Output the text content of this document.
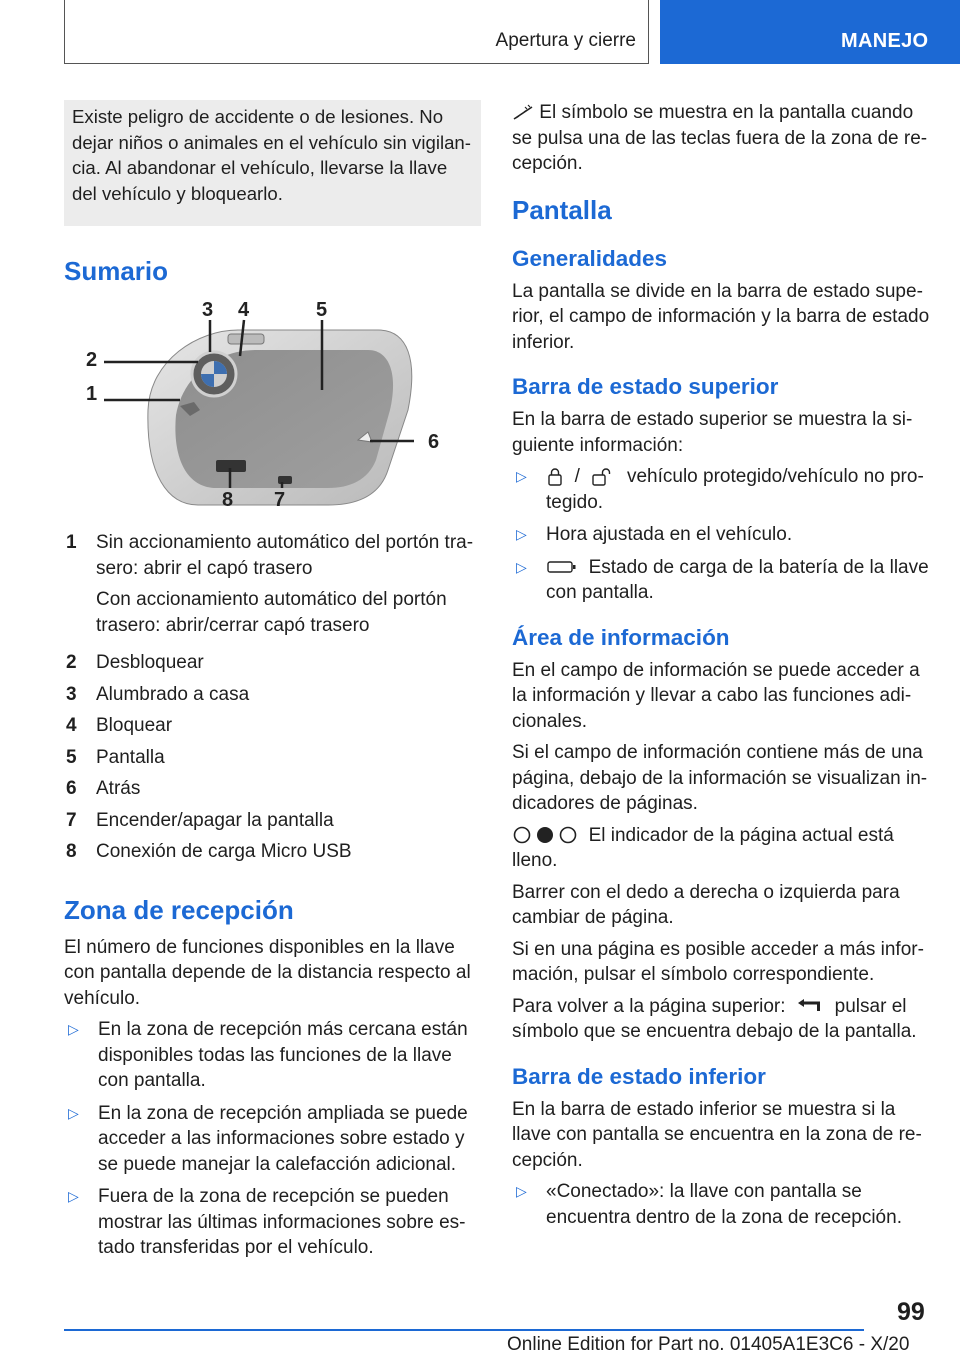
Apertura y cierre	MANEJO
Existe peligro de accidente o de lesiones. No dejar niños o animales en el vehículo sin vigilancia. Al abandonar el vehículo, llevarse la llave del vehículo y bloquearlo.
Sumario
1
2
3 4	5
6
7
8
1	Sin accionamiento automático del portón trasero: abrir el capó trasero

Con accionamiento automático del portón trasero: abrir/cerrar capó trasero

2	Desbloquear
3	Alumbrado a casa
4	Bloquear
5	Pantalla
6	Atrás
7	Encender/apagar la pantalla
8	Conexión de carga Micro USB
Zona de recepción

El número de funciones disponibles en la llave con pantalla depende de la distancia respecto al vehículo.

▷	En la zona de recepción más cercana están disponibles todas las funciones de la llave con pantalla.
▷	En la zona de recepción ampliada se puede acceder a las informaciones sobre estado y se puede manejar la calefacción adicional.
▷	Fuera de la zona de recepción se pueden mostrar las últimas informaciones sobre estado transferidas por el vehículo.

El símbolo se muestra en la pantalla cuando se pulsa una de las teclas fuera de la zona de recepción.

Pantalla
Generalidades

La pantalla se divide en la barra de estado superior, el campo de información y la barra de estado inferior.

Barra de estado superior

En la barra de estado superior se muestra la siguiente información:

▷	/ vehículo protegido/vehículo no protegido.
▷	Hora ajustada en el vehículo.
▷	Estado de carga de la batería de la llave con pantalla.
Área de información

En el campo de información se puede acceder a la información y llevar a cabo las funciones adicionales.

Si el campo de información contiene más de una página, debajo de la información se visualizan indicadores de páginas.

El indicador de la página actual está lleno.

Barrer con el dedo a derecha o izquierda para cambiar de página.

Si en una página es posible acceder a más información, pulsar el símbolo correspondiente.

Para volver a la página superior:	pulsar el símbolo que se encuentra debajo de la pantalla.

Barra de estado inferior

En la barra de estado inferior se muestra si la llave con pantalla se encuentra en la zona de recepción.

▷	«Conectado»: la llave con pantalla se encuentra dentro de la zona de recepción.
99
Online Edition for Part no. 01405A1E3C6 - X/20
